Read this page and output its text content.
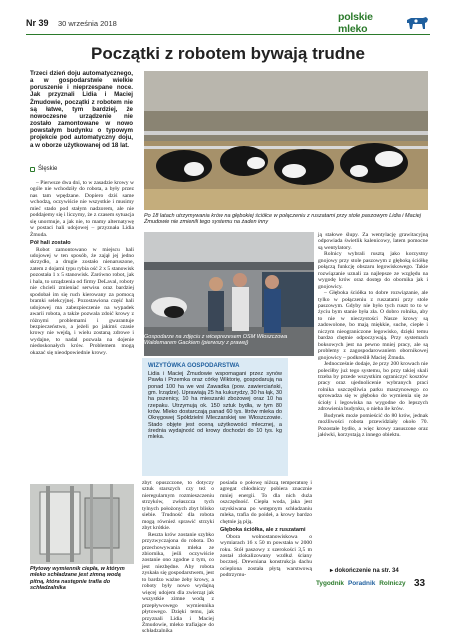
Nr 39 30 września 2018
polskie mleko
Początki z robotem bywają trudne
Trzeci dzień doju automatycznego, a w gospodarstwie wielkie poruszenie i nieprzespane noce. Jak przyznali Lidia i Maciej Żmudowie, początki z robotem nie są łatwe, tym bardziej, że nowoczesne urządzenie nie zostało zamontowane w nowo powstałym budynku o typowym projekcie pod automatyczny doju, a w oborze użytkowanej od 18 lat.
Ślęskie

– Pierwsze dwa dni, to w zasadzie krowy w ogóle nie wchodziły do robota, a były przez nas tam wpędzane. Dopiero dziś same wchodzą, oczywiście nie wszystkie i musimy mieć stado pod stałym nadzorem, ale nie poddajemy się i liczymy, że z czasem sytuacja się unormuje, a jak nie, to mamy alternatywę w postaci hali udojowej – przyznała Lidia Żmuda.

Pół hali zostało

Robot zamontowano w miejscu hali udojowej w ten sposób, że zajął jej jedno skrzydło, a drugie zostało nienaruszone, zatem z dojarni typu rybia ość 2 x 5 stanowisk pozostała 1 x 5 stanowisk. Zarówno robot, jak i hala, to urządzenia od firmy DeLaval, roboty nie chcieli zmieniać serwisu oraz bardziej spodobał im się ruch kierowany za pomocą bramki selekcyjnej. Pozostawiona część hali udojowej ma zabezpieczenie na wypadek awarii robota, a także pozwala zdoić krowy z różnymi problemami i gwarantuje bezpieczeństwo, a jeżeli po jakimś czasie krowy nie wejdą, i wielu zostaną zdrowe i wydajne, to nadal pozwala na dojenie niedoskonałych krów. Problemem mogą okazać się nieodpowiednie krowy.

Po 18 latach utrzymywania krów na głębokiej ściółce w połączeniu z ruszatami przy stole paszowym Lidia i Maciej Żmudowie nie zmienili tego systemu na żaden inny
Gospodarze na zdjęciu z wiceprezesem OSM Włoszczowa Waldemarem Gackiem (pierwszy z prawej)

ją stałowe ślupy. Za wentylację grawitacyjną odpowiada świetlik kalenicowy, latem pomocne są wentylatory.

Rolnicy wybrali rusztą jako korzystny gnojowy przy stole paszowym z głęboką ściółkę połączą funkcję obszaru legowiskowego. Takie rozwiązanie uznali za najlepsze ze względu na wygodę krów oraz dostęp do obornika jak i gnojowicy.

– Głęboka ściółka to dobre rozwiązanie, ale tylko w połączeniu z ruszatami przy stole paszowym. Gdyby nie było tych ruszt to to w życiu bym stanie była zła. O dobro rolnika, aby to nie w nieczystości Nasze krowy są zadowolone, bo mają miękkie, suche, ciepłe i niczym nieograniczone legowisko, dzięki temu bardzo chętnie odpoczywają. Przy systemach boksowych jest na pewno mniej pracy, ale są problemy z zagospodarowaniem obornikowej gnojowicy – podkreślił Maciej Żmuda.

Jednocześnie dodaje, że przy 200 krowach nie poleciłby już tego systemu, bo przy takiej skali trzeba by przede wszystkim ograniczyć kosztów pracy oraz ujednolicenie wybranych praci rolnika uszczęśliwia parku maszynowego co sprowadza się w głęboko do wymienia się ze ścioły i legowiska na wygodne do lepszych zdrowienia budynku, o nieba ile krów.

Budynek może pomieścić do 80 krów, jednak możliwości robota przewidziały około 70. Pozostałe bydło, a więc krowy zasuszone oraz jałówki, korzystają z innego obiektu.

WIZYTÓWKA GOSPODARSTWA
Lidia i Maciej Żmudowie wspomagani przez synów Pawła i Przemka oraz córkę Wiktorię, gospodarują na ponad 100 ha we wsi Zawadka (pow. zawierciański, gm. Irządze). Uprawiają 25 ha kukurydzy, 30 ha łąk, 30 ha pszenicy, 10 ha mieszanki zbożowej oraz 10 ha rzepaku. Utrzymują ok. 150 sztuk bydła, w tym 80 krów. Mleko dostarczają panad 60 tys. litrów mleka do Okręgowej Spółdzielni Mleczarskiej we Włoszczowie. Stado objęte jest oceną użytkowości mlecznej, a średnia wydajność od krowy dochodzi do 10 tys. kg mleka.
Płytowy wymiennik ciepła, w którym mleko schładzane jest zimną wodą pitną, która następnie trafia do schładzalnika

zbyt opuszczone, to dotyczy sztuk starszych czy też o nieregularnym rozmieszczeniu strzyków, zwłaszcza tych tylnych położonych zbyt blisko siebie. Trudność dla robota mogą również sprawić strzyki zbyt krótkie.

Reszta krów zostanie szybko przyzwyczajona do robota. Do przechowywania mleka ze zbiornika, jeśli oczywiście zostanie ono zgodne z tym, co jest niezbędne. Aby robota zyskała się gospodarstwem, jest to bardzo ważne żeby krowy, a roboty były nowo wydajną więcej udojem dla zwierząt jak wszystkie zimne wodą z przepływowego wymiennika płytowego. Dzięki temu, jak przyznali Lidia i Maciej Żmudowie, mleko trafiające do schładzalnika

posiada o połowę niższą temperaturę i agregat chłodniczy pobiera znacznie mniej energii. To dla nich duża oszczędność. Ciepła woda, jaka jest uzyskiwana po wstępnym schładzaniu mleka, trafia do poideł, a krowy bardzo chętnie ją piją.

Głęboka ściółka, ale z ruszatami

Obora wolnostanowiskowa o wymiarach 16 x 50 m powstała w 2000 roku. Stół paszowy z szerokości 3,5 m został zlokalizowany wzdłuż ściany bocznej. Drewniana konstrukcja dachu ocieplona została płytą warstwową podtrzymu-

▸ dokończenie na str. 34
Tygodnik Poradnik Rolniczy 33
